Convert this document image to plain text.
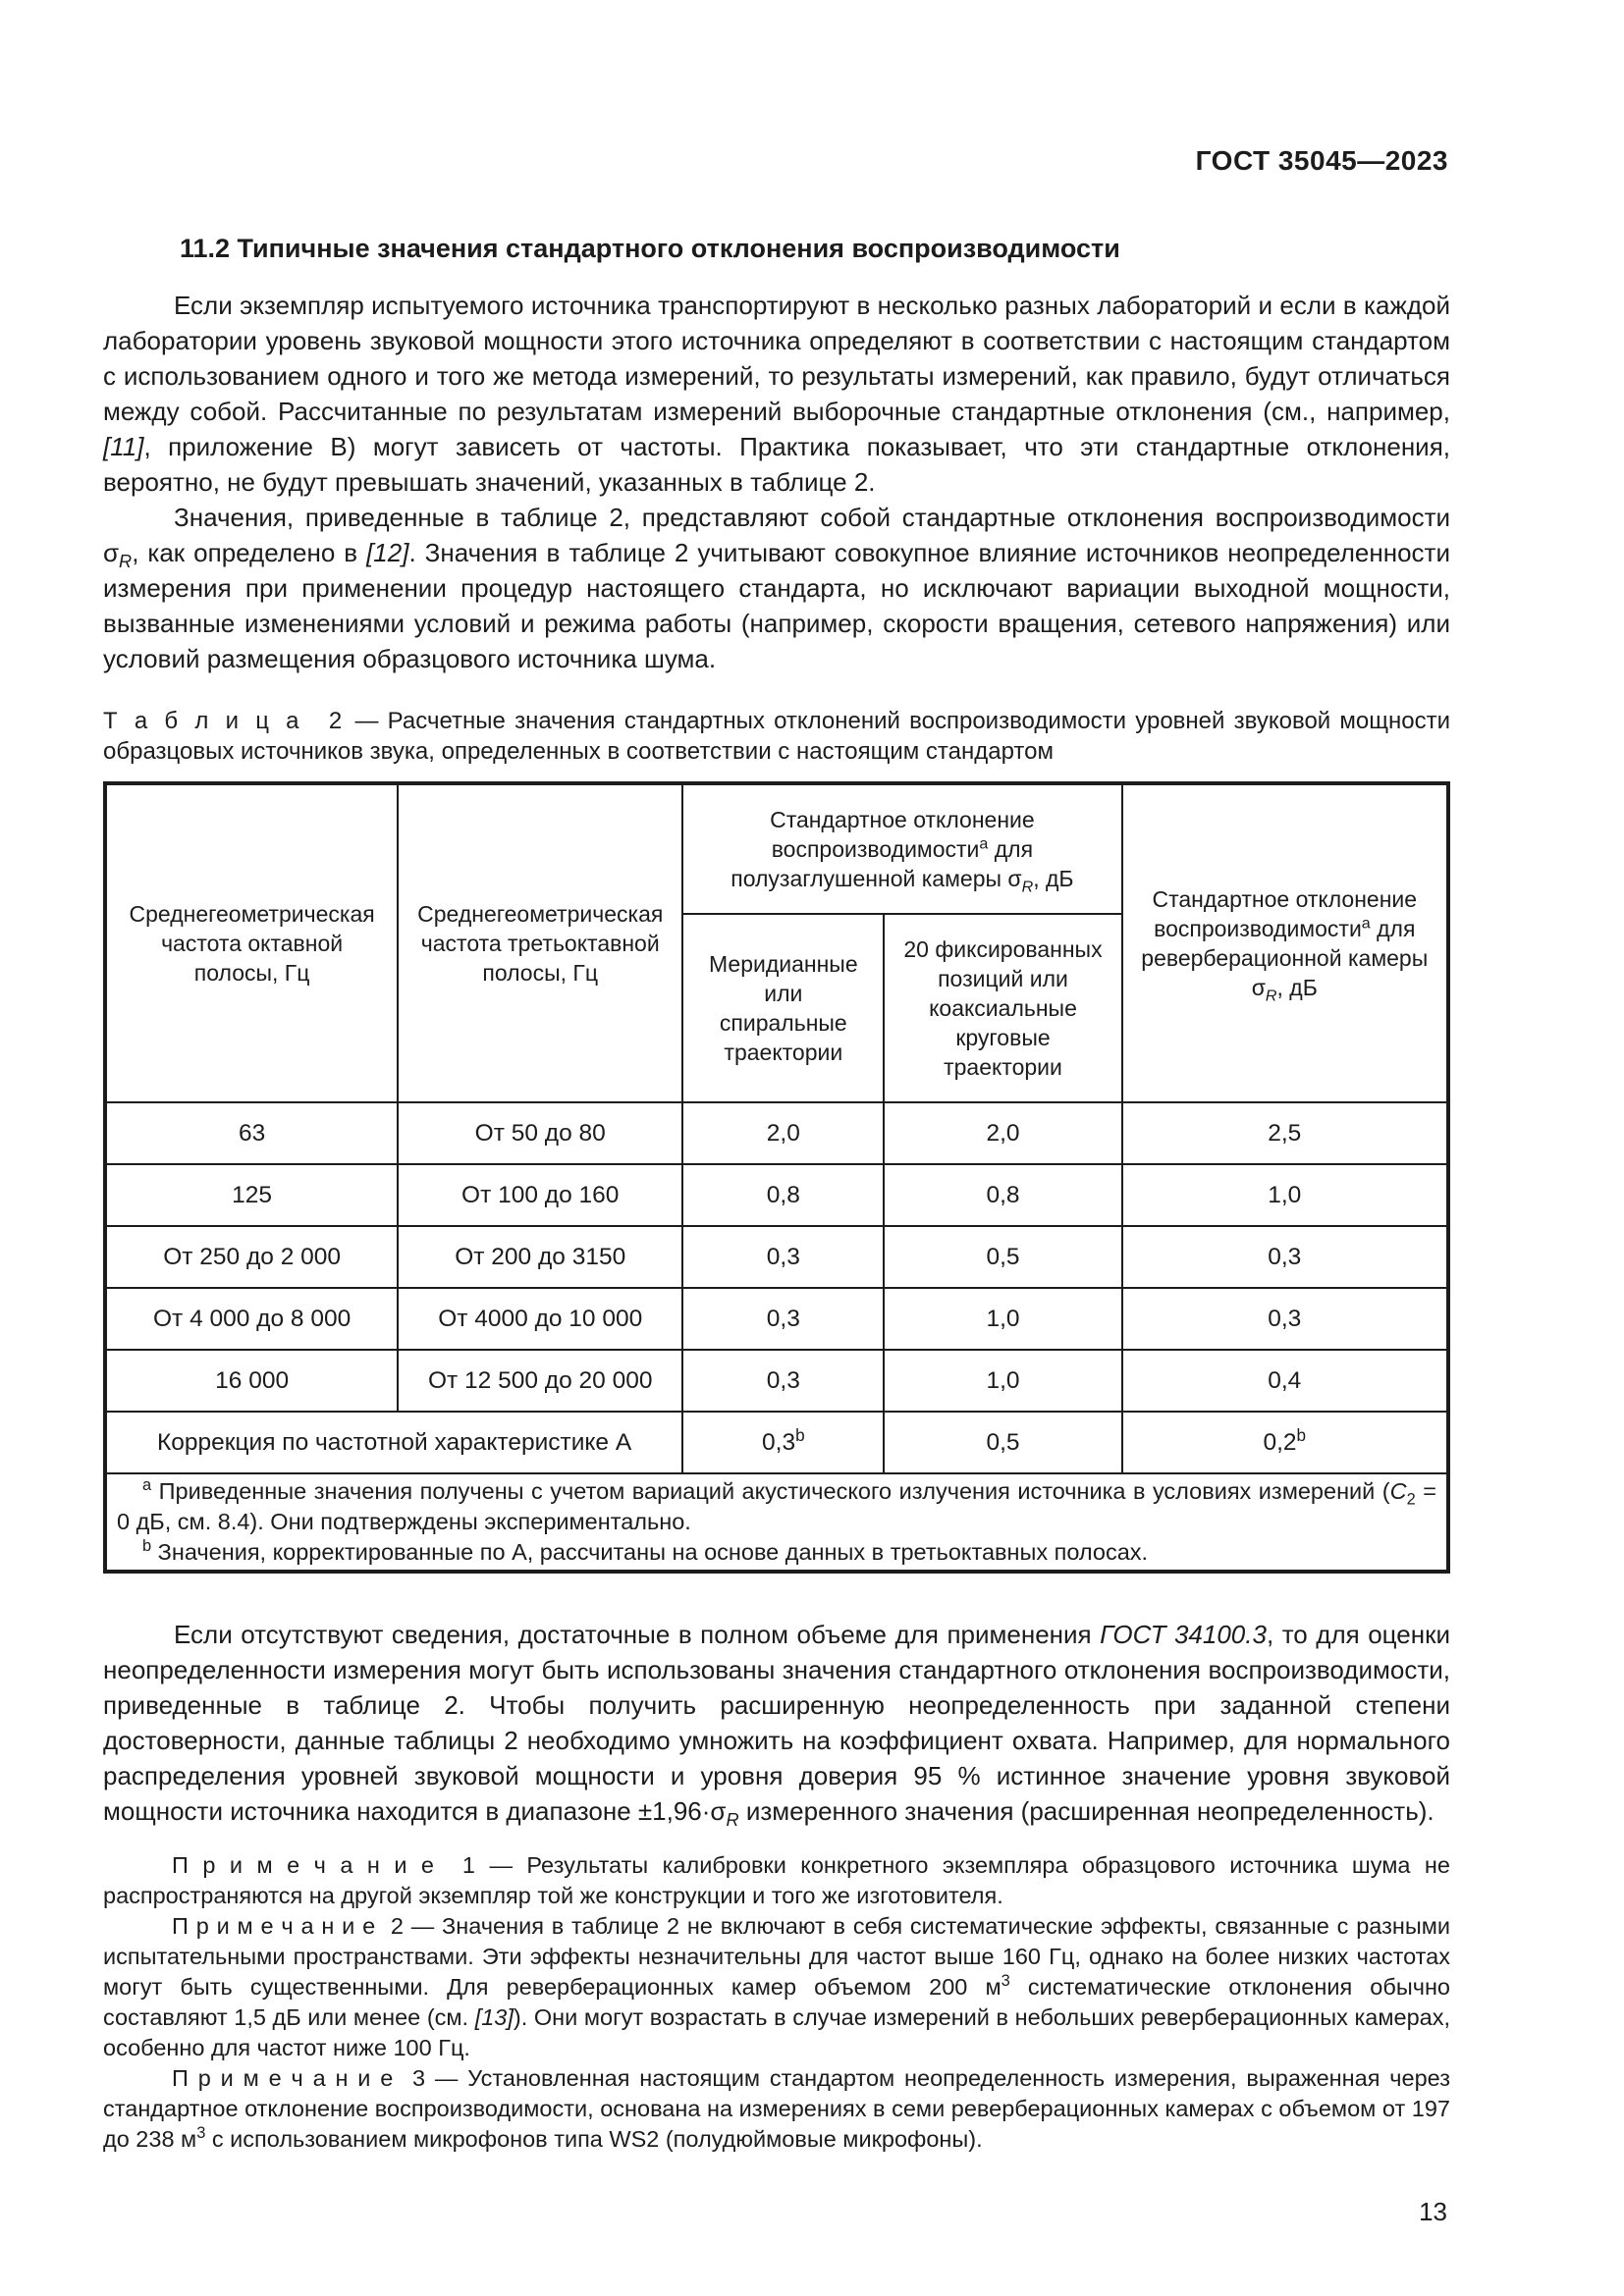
ГОСТ 35045—2023
11.2 Типичные значения стандартного отклонения воспроизводимости

Если экземпляр испытуемого источника транспортируют в несколько разных лабораторий и если в каждой лаборатории уровень звуковой мощности этого источника определяют в соответствии с настоящим стандартом с использованием одного и того же метода измерений, то результаты измерений, как правило, будут отличаться между собой. Рассчитанные по результатам измерений выборочные стандартные отклонения (см., например, [11], приложение В) могут зависеть от частоты. Практика показывает, что эти стандартные отклонения, вероятно, не будут превышать значений, указанных в таблице 2.

Значения, приведенные в таблице 2, представляют собой стандартные отклонения воспроизводимости $\sigma_R$, как определено в [12]. Значения в таблице 2 учитывают совокупное влияние источников неопределенности измерения при применении процедур настоящего стандарта, но исключают вариации выходной мощности, вызванные изменениями условий и режима работы (например, скорости вращения, сетевого напряжения) или условий размещения образцового источника шума.

Т а б л и ц а  2 — Расчетные значения стандартных отклонений воспроизводимости уровней звуковой мощности образцовых источников звука, определенных в соответствии с настоящим стандартом

Среднегеометрическая частота октавной полосы, Гц	Среднегеометрическая частота третьоктавной полосы, Гц	Стандартное отклонение воспроизводимости$^a$ для полузаглушенной камеры $\sigma_R$, дБ		Стандартное отклонение воспроизводимости$^a$ для реверберационной камеры $\sigma_R$, дБ
		Меридианные или спиральные траектории	20 фиксированных позиций или коаксиальные круговые траектории	
63	От 50 до 80	2,0	2,0	2,5
125	От 100 до 160	0,8	0,8	1,0
От 250 до 2 000	От 200 до 3150	0,3	0,5	0,3
От 4 000 до 8 000	От 4000 до 10 000	0,3	1,0	0,3
16 000	От 12 500 до 20 000	0,3	1,0	0,4
Коррекция по частотной характеристике А		0,3$^b$	0,5	0,2$^b$

$^a$ Приведенные значения получены с учетом вариаций акустического излучения источника в условиях измерений ($C_2 = 0$ дБ, см. 8.4). Они подтверждены экспериментально.

$^b$ Значения, корректированные по А, рассчитаны на основе данных в третьоктавных полосах.				

Если отсутствуют сведения, достаточные в полном объеме для применения ГОСТ 34100.3, то для оценки неопределенности измерения могут быть использованы значения стандартного отклонения воспроизводимости, приведенные в таблице 2. Чтобы получить расширенную неопределенность при заданной степени достоверности, данные таблицы 2 необходимо умножить на коэффициент охвата. Например, для нормального распределения уровней звуковой мощности и уровня доверия 95 % истинное значение уровня звуковой мощности источника находится в диапазоне $\pm 1,96\cdot\sigma_R$ измеренного значения (расширенная неопределенность).

П р и м е ч а н и е  1 — Результаты калибровки конкретного экземпляра образцового источника шума не распространяются на другой экземпляр той же конструкции и того же изготовителя.

П р и м е ч а н и е  2 — Значения в таблице 2 не включают в себя систематические эффекты, связанные с разными испытательными пространствами. Эти эффекты незначительны для частот выше 160 Гц, однако на более низких частотах могут быть существенными. Для реверберационных камер объемом 200 $м^3$ систематические отклонения обычно составляют 1,5 дБ или менее (см. [13]). Они могут возрастать в случае измерений в небольших реверберационных камерах, особенно для частот ниже 100 Гц.

П р и м е ч а н и е  3 — Установленная настоящим стандартом неопределенность измерения, выраженная через стандартное отклонение воспроизводимости, основана на измерениях в семи реверберационных камерах с объемом от 197 до 238 $м^3$ с использованием микрофонов типа WS2 (полудюймовые микрофоны).

13
